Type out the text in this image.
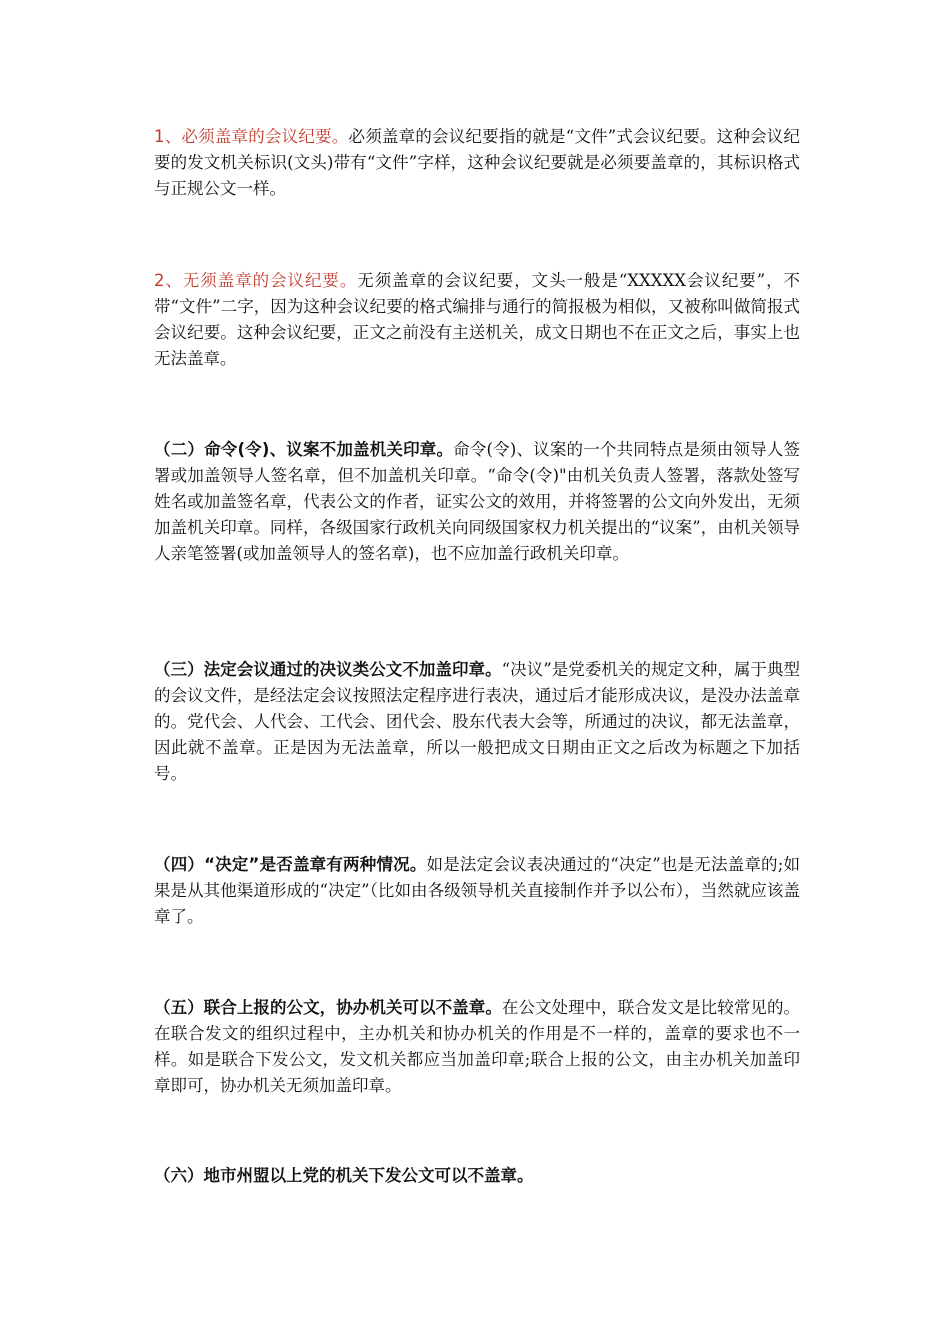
1、必须盖章的会议纪要。必须盖章的会议纪要指的就是“文件”式会议纪要。这种会议纪要的发文机关标识(文头)带有“文件”字样，这种会议纪要就是必须要盖章的，其标识格式与正规公文一样。

2、无须盖章的会议纪要。无须盖章的会议纪要，文头一般是“XXXXX会议纪要”，不带“文件”二字，因为这种会议纪要的格式编排与通行的简报极为相似，又被称叫做简报式会议纪要。这种会议纪要，正文之前没有主送机关，成文日期也不在正文之后，事实上也无法盖章。

（二）命令(令)、议案不加盖机关印章。命令(令)、议案的一个共同特点是须由领导人签署或加盖领导人签名章，但不加盖机关印章。“命令(令)"由机关负责人签署，落款处签写姓名或加盖签名章，代表公文的作者，证实公文的效用，并将签署的公文向外发出，无须加盖机关印章。同样，各级国家行政机关向同级国家权力机关提出的“议案”，由机关领导人亲笔签署(或加盖领导人的签名章)，也不应加盖行政机关印章。

（三）法定会议通过的决议类公文不加盖印章。“决议”是党委机关的规定文种，属于典型的会议文件，是经法定会议按照法定程序进行表决，通过后才能形成决议，是没办法盖章的。党代会、人代会、工代会、团代会、股东代表大会等，所通过的决议，都无法盖章，因此就不盖章。正是因为无法盖章，所以一般把成文日期由正文之后改为标题之下加括号。

（四）“决定”是否盖章有两种情况。如是法定会议表决通过的“决定”也是无法盖章的;如果是从其他渠道形成的“决定”（比如由各级领导机关直接制作并予以公布），当然就应该盖章了。

（五）联合上报的公文，协办机关可以不盖章。在公文处理中，联合发文是比较常见的。在联合发文的组织过程中，主办机关和协办机关的作用是不一样的，盖章的要求也不一样。如是联合下发公文，发文机关都应当加盖印章;联合上报的公文，由主办机关加盖印章即可，协办机关无须加盖印章。

（六）地市州盟以上党的机关下发公文可以不盖章。
